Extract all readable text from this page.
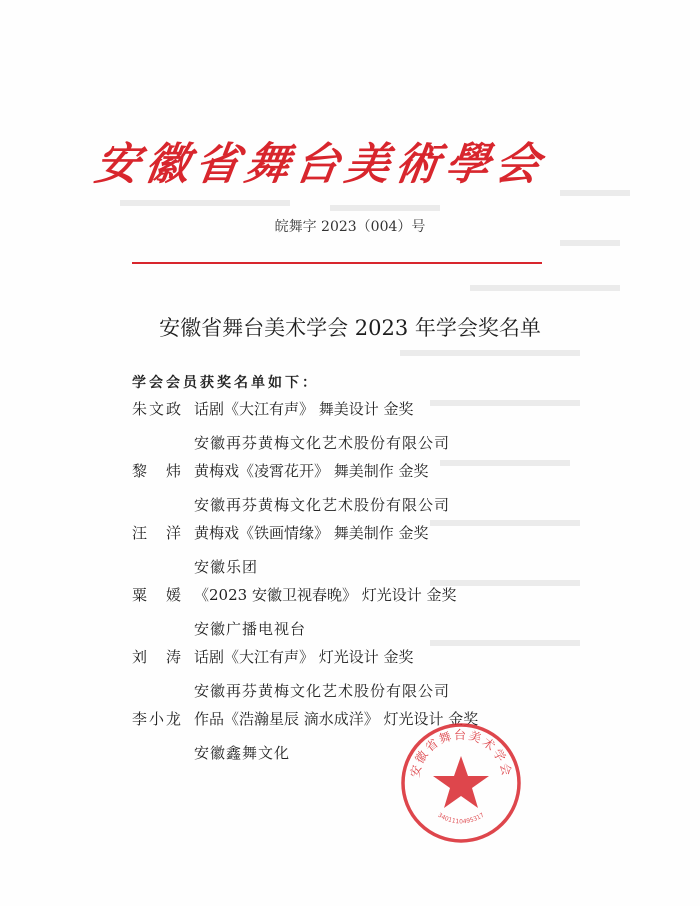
安徽省舞台美術學会
皖舞字 2023（004）号
安徽省舞台美术学会 2023 年学会奖名单
学会会员获奖名单如下：
朱文政 话剧《大江有声》 舞美设计 金奖
安徽再芬黄梅文化艺术股份有限公司
黎　炜 黄梅戏《凌霄花开》 舞美制作 金奖
安徽再芬黄梅文化艺术股份有限公司
汪　洋 黄梅戏《铁画情缘》 舞美制作 金奖
安徽乐团
粟　媛 《2023 安徽卫视春晚》 灯光设计 金奖
安徽广播电视台
刘　涛 话剧《大江有声》 灯光设计 金奖
安徽再芬黄梅文化艺术股份有限公司
李小龙 作品《浩瀚星辰 滴水成洋》 灯光设计 金奖
安徽鑫舞文化
安徽省舞台美术学会
3401110495317
